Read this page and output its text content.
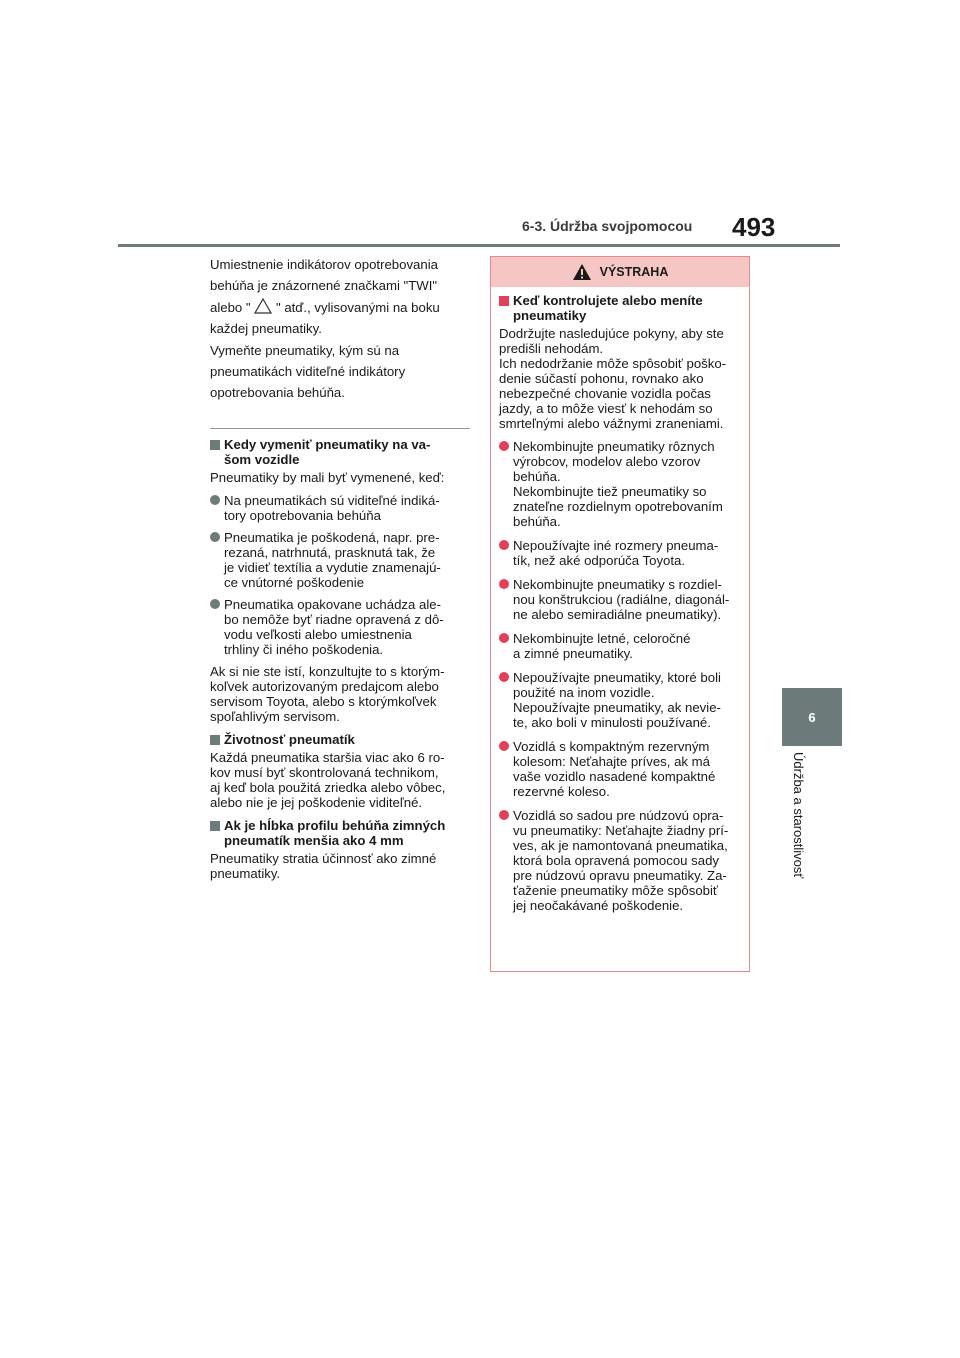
6-3. Údržba svojpomocou 493
6
Údržba a starostlivosť

Umiestnenie indikátorov opotrebovania behúňa je znázornené značkami "TWI" alebo " " atď., vylisovanými na boku každej pneumatiky.
Vymeňte pneumatiky, kým sú na pneumatikách viditeľné indikátory opotrebovania behúňa.

Kedy vymeniť pneumatiky na va-
šom vozidle

Pneumatiky by mali byť vymenené, keď:

Na pneumatikách sú viditeľné indiká-
tory opotrebovania behúňa
Pneumatika je poškodená, napr. pre-
rezaná, natrhnutá, prasknutá tak, že
je vidieť textília a vydutie znamenajú-
ce vnútorné poškodenie
Pneumatika opakovane uchádza ale-
bo nemôže byť riadne opravená z dô-
vodu veľkosti alebo umiestnenia
trhliny či iného poškodenia.

Ak si nie ste istí, konzultujte to s ktorým-
koľvek autorizovaným predajcom alebo
servisom Toyota, alebo s ktorýmkoľvek
spoľahlivým servisom.

Životnosť pneumatík

Každá pneumatika staršia viac ako 6 ro-
kov musí byť skontrolovaná technikom,
aj keď bola použitá zriedka alebo vôbec,
alebo nie je jej poškodenie viditeľné.

Ak je hĺbka profilu behúňa zimných
pneumatík menšia ako 4 mm

Pneumatiky stratia účinnosť ako zimné
pneumatiky.

VÝSTRAHA
Keď kontrolujete alebo meníte
pneumatiky

Dodržujte nasledujúce pokyny, aby ste
predišli nehodám.
Ich nedodržanie môže spôsobiť poško-
denie súčastí pohonu, rovnako ako
nebezpečné chovanie vozidla počas
jazdy, a to môže viesť k nehodám so
smrteľnými alebo vážnymi zraneniami.

Nekombinujte pneumatiky rôznych
výrobcov, modelov alebo vzorov
behúňa.
Nekombinujte tiež pneumatiky so
znateľne rozdielnym opotrebovaním
behúňa.
Nepoužívajte iné rozmery pneuma-
tík, než aké odporúča Toyota.
Nekombinujte pneumatiky s rozdiel-
nou konštrukciou (radiálne, diagonál-
ne alebo semiradiálne pneumatiky).
Nekombinujte letné, celoročné
a zimné pneumatiky.
Nepoužívajte pneumatiky, ktoré boli
použité na inom vozidle.
Nepoužívajte pneumatiky, ak nevie-
te, ako boli v minulosti používané.
Vozidlá s kompaktným rezervným
kolesom: Neťahajte príves, ak má
vaše vozidlo nasadené kompaktné
rezervné koleso.
Vozidlá so sadou pre núdzovú opra-
vu pneumatiky: Neťahajte žiadny prí-
ves, ak je namontovaná pneumatika,
ktorá bola opravená pomocou sady
pre núdzovú opravu pneumatiky. Za-
ťaženie pneumatiky môže spôsobiť
jej neočakávané poškodenie.
